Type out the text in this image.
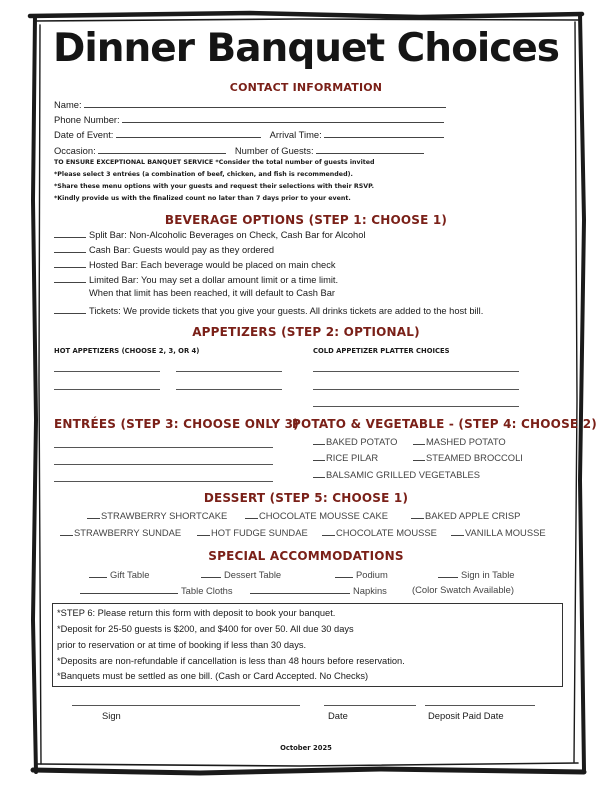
Dinner Banquet Choices
CONTACT INFORMATION
Name:
Phone Number:
Date of Event:	Arrival Time:
Occasion:	Number of Guests:
TO ENSURE EXCEPTIONAL BANQUET SERVICE *Consider the total number of guests invited
*Please select 3 entrées (a combination of beef, chicken, and fish is recommended).
*Share these menu options with your guests and request their selections with their RSVP.
*Kindly provide us with the finalized count no later than 7 days prior to your event.
BEVERAGE OPTIONS (STEP 1: CHOOSE 1)
Split Bar: Non-Alcoholic Beverages on Check, Cash Bar for Alcohol
Cash Bar: Guests would pay as they ordered
Hosted Bar: Each beverage would be placed on main check
Limited Bar: You may set a dollar amount limit or a time limit.
When that limit has been reached, it will default to Cash Bar
Tickets: We provide tickets that you give your guests. All drinks tickets are added to the host bill.
APPETIZERS (STEP 2: OPTIONAL)
HOT APPETIZERS (CHOOSE 2, 3, OR 4)	COLD APPETIZER PLATTER CHOICES
ENTRÉES (STEP 3: CHOOSE ONLY 3)
POTATO & VEGETABLE - (STEP 4: CHOOSE 2)
BAKED POTATO	MASHED POTATO
RICE PILAR	STEAMED BROCCOLI
BALSAMIC GRILLED VEGETABLES
DESSERT (STEP 5: CHOOSE 1)
STRAWBERRY SHORTCAKE	CHOCOLATE MOUSSE CAKE	BAKED APPLE CRISP
STRAWBERRY SUNDAE	HOT FUDGE SUNDAE	CHOCOLATE MOUSSE	VANILLA MOUSSE
SPECIAL ACCOMMODATIONS
Gift Table	Dessert Table	Podium	Sign in Table
Table Cloths	Napkins	(Color Swatch Available)
*STEP 6: Please return this form with deposit to book your banquet.
*Deposit for 25-50 guests is $200, and $400 for over 50. All due 30 days
prior to reservation or at time of booking if less than 30 days.
*Deposits are non-refundable if cancellation is less than 48 hours before reservation.
*Banquets must be settled as one bill. (Cash or Card Accepted. No Checks)
Sign	Date	Deposit Paid Date
October 2025
